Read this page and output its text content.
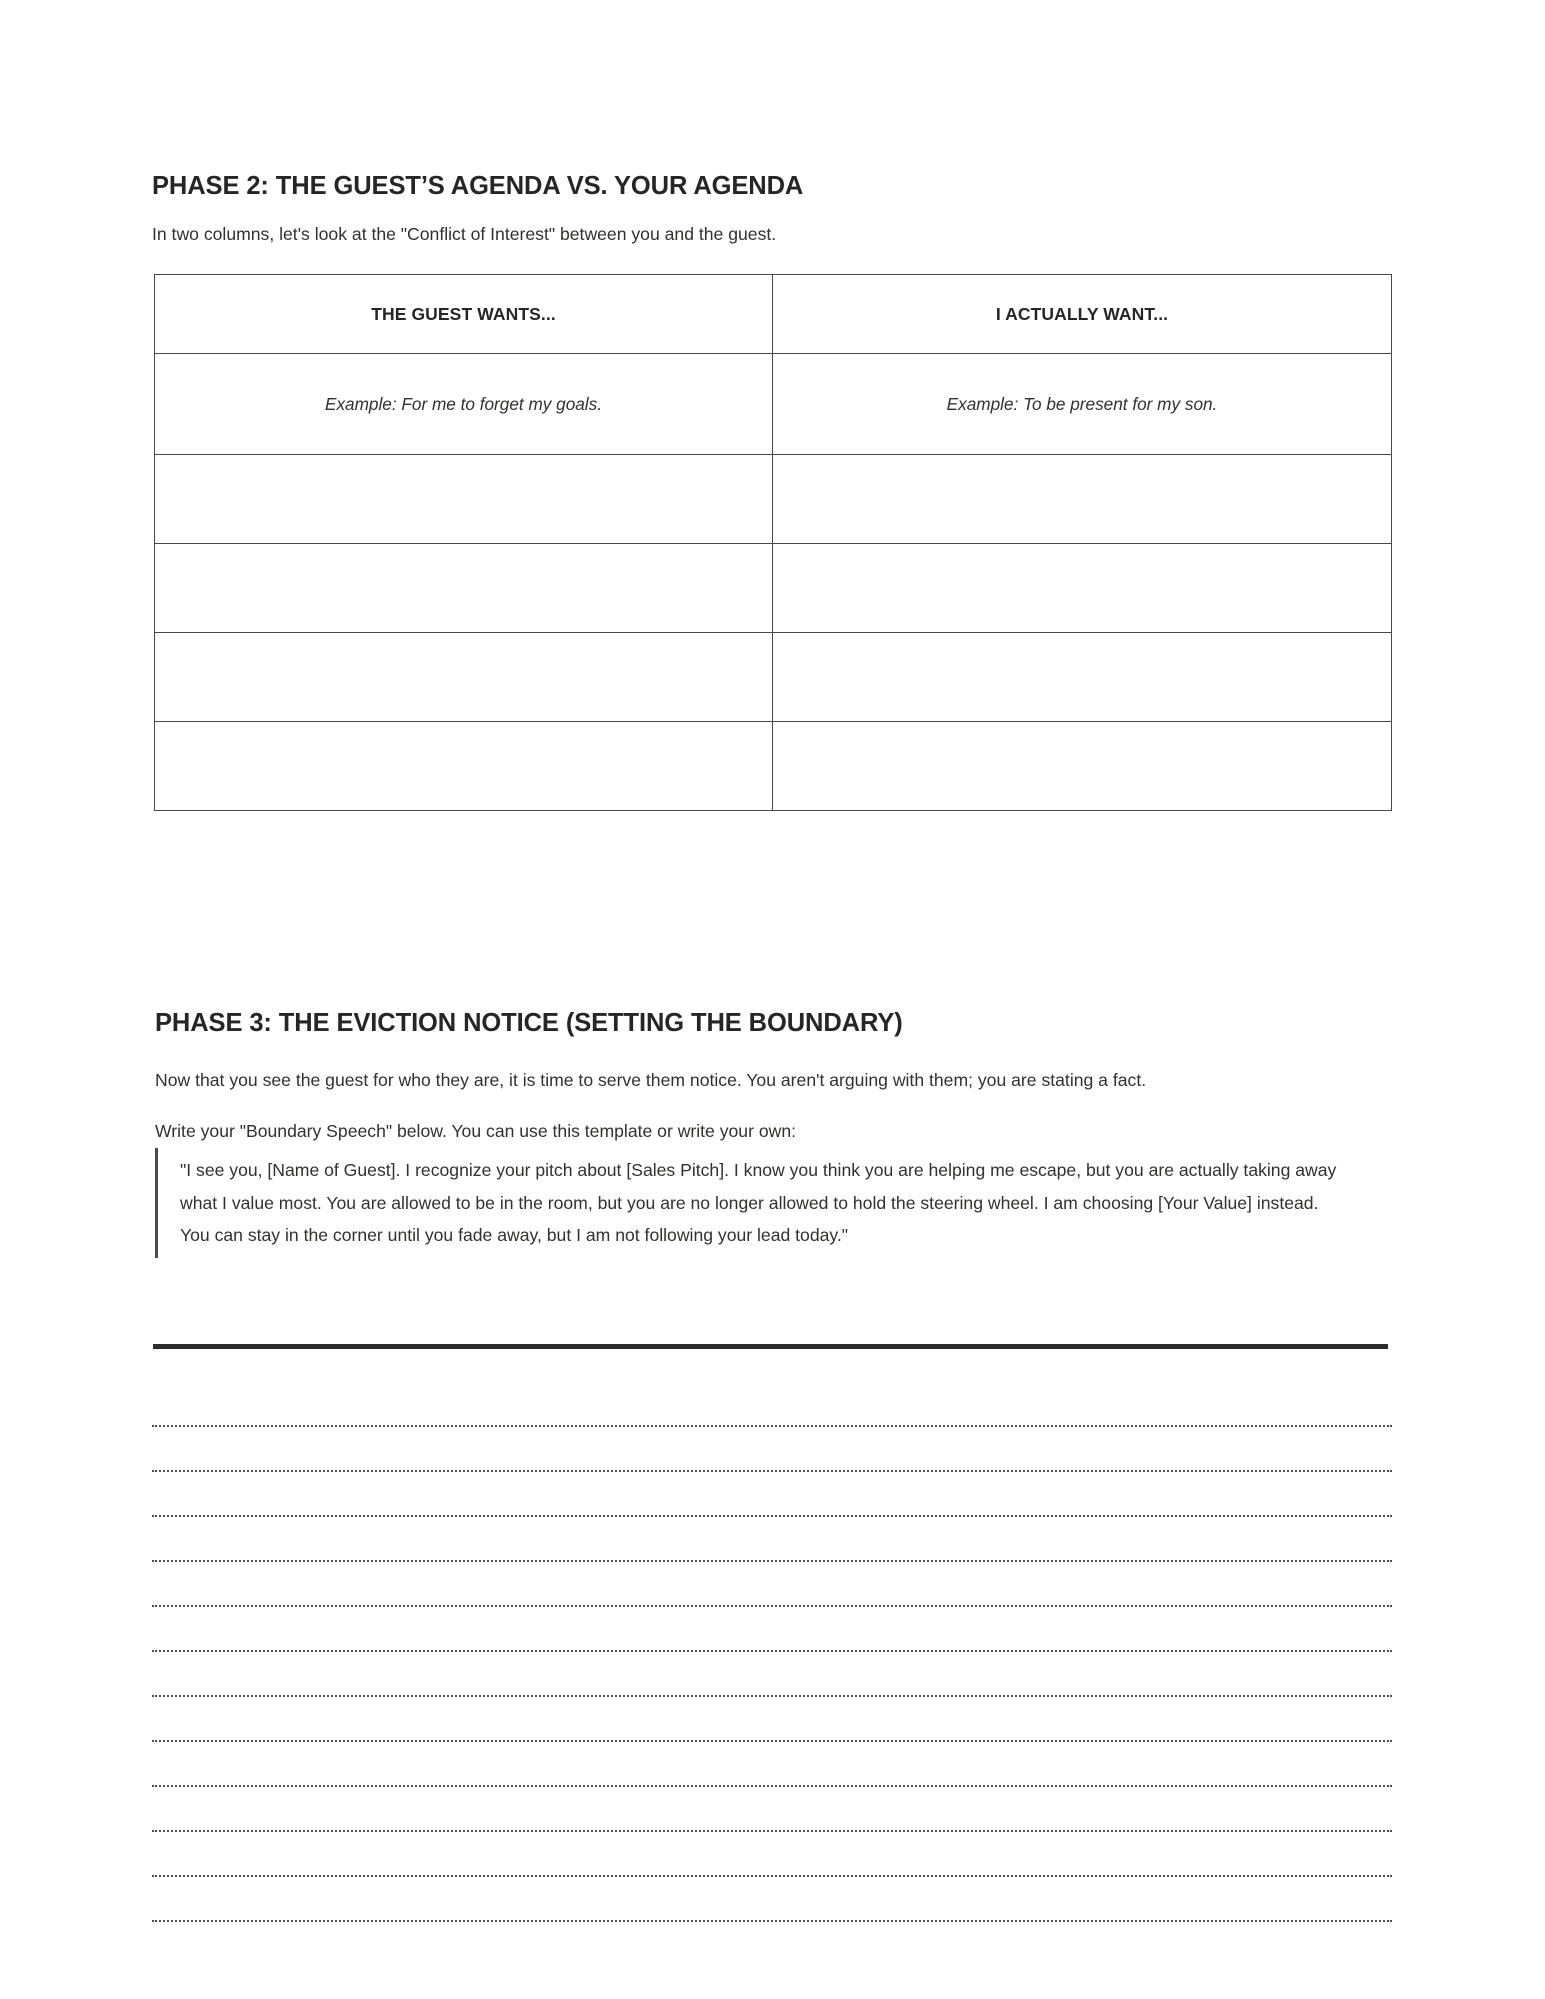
PHASE 2: THE GUEST’S AGENDA VS. YOUR AGENDA

In two columns, let's look at the "Conflict of Interest" between you and the guest.

THE GUEST WANTS...	I ACTUALLY WANT...
Example: For me to forget my goals.	Example: To be present for my son.

PHASE 3: THE EVICTION NOTICE (SETTING THE BOUNDARY)

Now that you see the guest for who they are, it is time to serve them notice. You aren't arguing with them; you are stating a fact.

Write your "Boundary Speech" below. You can use this template or write your own:

"I see you, [Name of Guest]. I recognize your pitch about [Sales Pitch]. I know you think you are helping me escape, but you are actually taking away what I value most. You are allowed to be in the room, but you are no longer allowed to hold the steering wheel. I am choosing [Your Value] instead. You can stay in the corner until you fade away, but I am not following your lead today."
